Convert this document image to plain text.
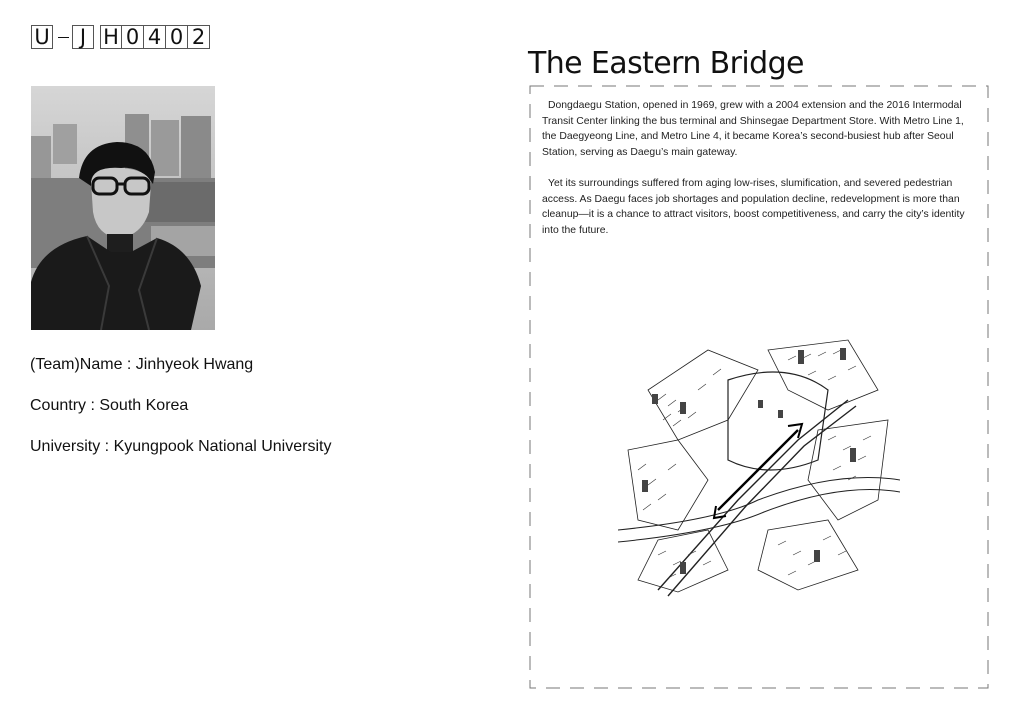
U	J H 0 4 0 2
(Team)Name : Jinhyeok Hwang
Country : South Korea
University : Kyungpook National University
The Eastern Bridge
Dongdaegu Station, opened in 1969, grew with a 2004 extension and the 2016 Intermodal Transit Center linking the bus terminal and Shinsegae Department Store. With Metro Line 1, the Daegyeong Line, and Metro Line 4, it became Korea’s second-busiest hub after Seoul Station, serving as Daegu’s main gateway.
Yet its surroundings suffered from aging low-rises, slumification, and severed pedestrian access. As Daegu faces job shortages and population decline, redevelopment is more than cleanup—it is a chance to attract visitors, boost competitiveness, and carry the city’s identity into the future.
